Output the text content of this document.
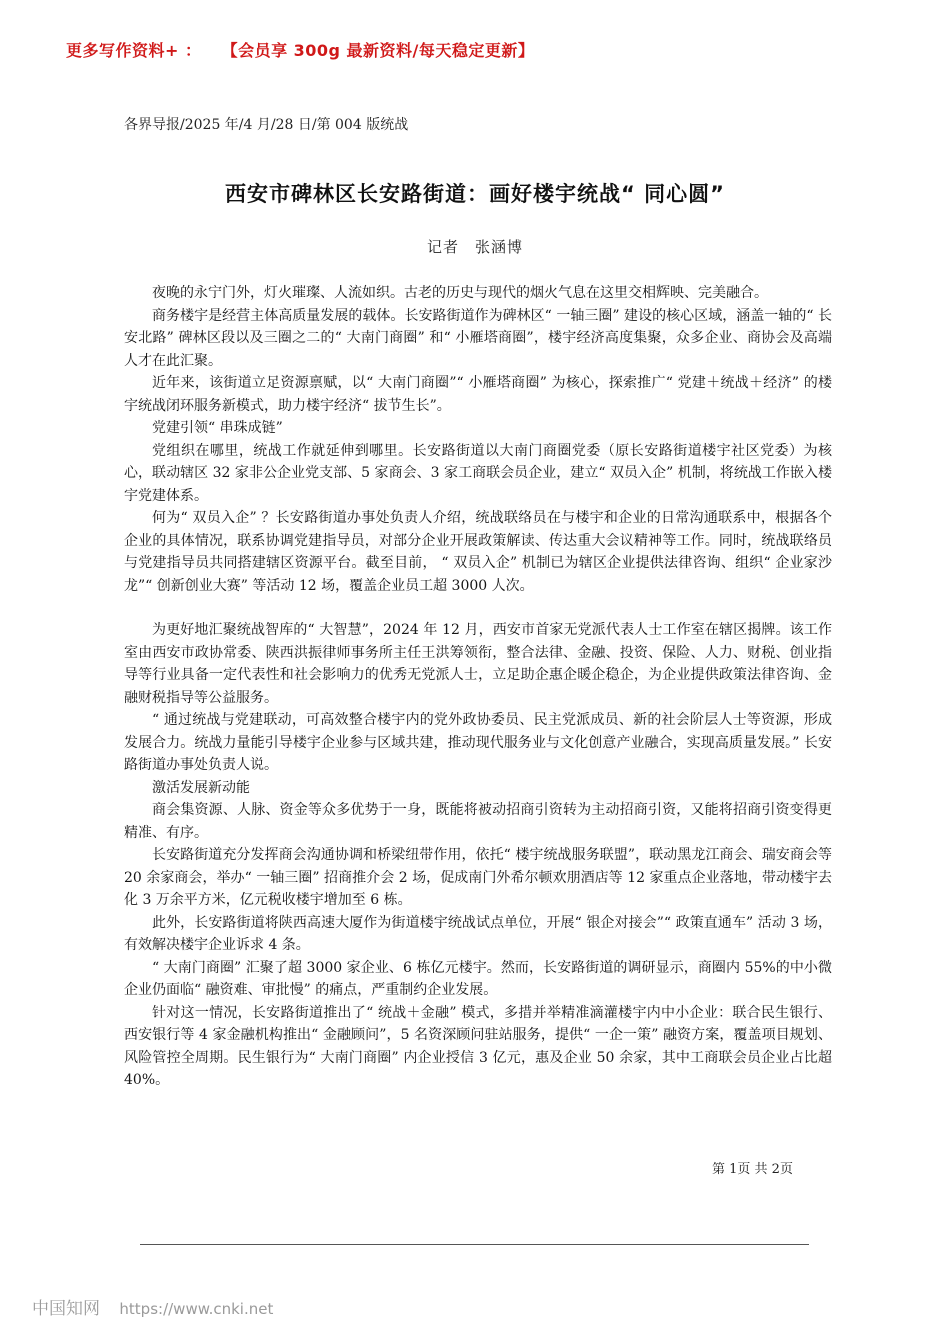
更多写作资料+ ： 【会员享 300g 最新资料/每天稳定更新】
各界导报/2025 年/4 月/28 日/第 004 版统战
西安市碑林区长安路街道：画好楼宇统战“ 同心圆”
记者　张涵博

夜晚的永宁门外，灯火璀璨、人流如织。古老的历史与现代的烟火气息在这里交相辉映、完美融合。

商务楼宇是经营主体高质量发展的载体。长安路街道作为碑林区“ 一轴三圈” 建设的核心区域，涵盖一轴的“ 长安北路” 碑林区段以及三圈之二的“ 大南门商圈” 和“ 小雁塔商圈”，楼宇经济高度集聚，众多企业、商协会及高端人才在此汇聚。

近年来，该街道立足资源禀赋，以“ 大南门商圈”“ 小雁塔商圈” 为核心，探索推广“ 党建＋统战＋经济” 的楼宇统战闭环服务新模式，助力楼宇经济“ 拔节生长”。

党建引领“ 串珠成链”

党组织在哪里，统战工作就延伸到哪里。长安路街道以大南门商圈党委（原长安路街道楼宇社区党委）为核心，联动辖区 32 家非公企业党支部、5 家商会、3 家工商联会员企业，建立“ 双员入企” 机制，将统战工作嵌入楼宇党建体系。

何为“ 双员入企” ？长安路街道办事处负责人介绍，统战联络员在与楼宇和企业的日常沟通联系中，根据各个企业的具体情况，联系协调党建指导员，对部分企业开展政策解读、传达重大会议精神等工作。同时，统战联络员与党建指导员共同搭建辖区资源平台。截至目前， “ 双员入企” 机制已为辖区企业提供法律咨询、组织“ 企业家沙龙”“ 创新创业大赛” 等活动 12 场，覆盖企业员工超 3000 人次。

为更好地汇聚统战智库的“ 大智慧”，2024 年 12 月，西安市首家无党派代表人士工作室在辖区揭牌。该工作室由西安市政协常委、陕西洪振律师事务所主任王洪筹领衔，整合法律、金融、投资、保险、人力、财税、创业指导等行业具备一定代表性和社会影响力的优秀无党派人士，立足助企惠企暖企稳企，为企业提供政策法律咨询、金融财税指导等公益服务。

“ 通过统战与党建联动，可高效整合楼宇内的党外政协委员、民主党派成员、新的社会阶层人士等资源，形成发展合力。统战力量能引导楼宇企业参与区域共建，推动现代服务业与文化创意产业融合，实现高质量发展。” 长安路街道办事处负责人说。

激活发展新动能

商会集资源、人脉、资金等众多优势于一身，既能将被动招商引资转为主动招商引资，又能将招商引资变得更精准、有序。

长安路街道充分发挥商会沟通协调和桥梁纽带作用，依托“ 楼宇统战服务联盟”，联动黑龙江商会、瑞安商会等 20 余家商会，举办“ 一轴三圈” 招商推介会 2 场，促成南门外希尔顿欢朋酒店等 12 家重点企业落地，带动楼宇去化 3 万余平方米，亿元税收楼宇增加至 6 栋。

此外，长安路街道将陕西高速大厦作为街道楼宇统战试点单位，开展“ 银企对接会”“ 政策直通车” 活动 3 场，有效解决楼宇企业诉求 4 条。

“ 大南门商圈” 汇聚了超 3000 家企业、6 栋亿元楼宇。然而，长安路街道的调研显示，商圈内 55%的中小微企业仍面临“ 融资难、审批慢” 的痛点，严重制约企业发展。

针对这一情况，长安路街道推出了“ 统战＋金融” 模式，多措并举精准滴灌楼宇内中小企业：联合民生银行、西安银行等 4 家金融机构推出“ 金融顾问”，5 名资深顾问驻站服务，提供“ 一企一策” 融资方案，覆盖项目规划、风险管控全周期。民生银行为“ 大南门商圈” 内企业授信 3 亿元，惠及企业 50 余家，其中工商联会员企业占比超 40%。

第 1页 共 2页
中国知网 https://www.cnki.net
